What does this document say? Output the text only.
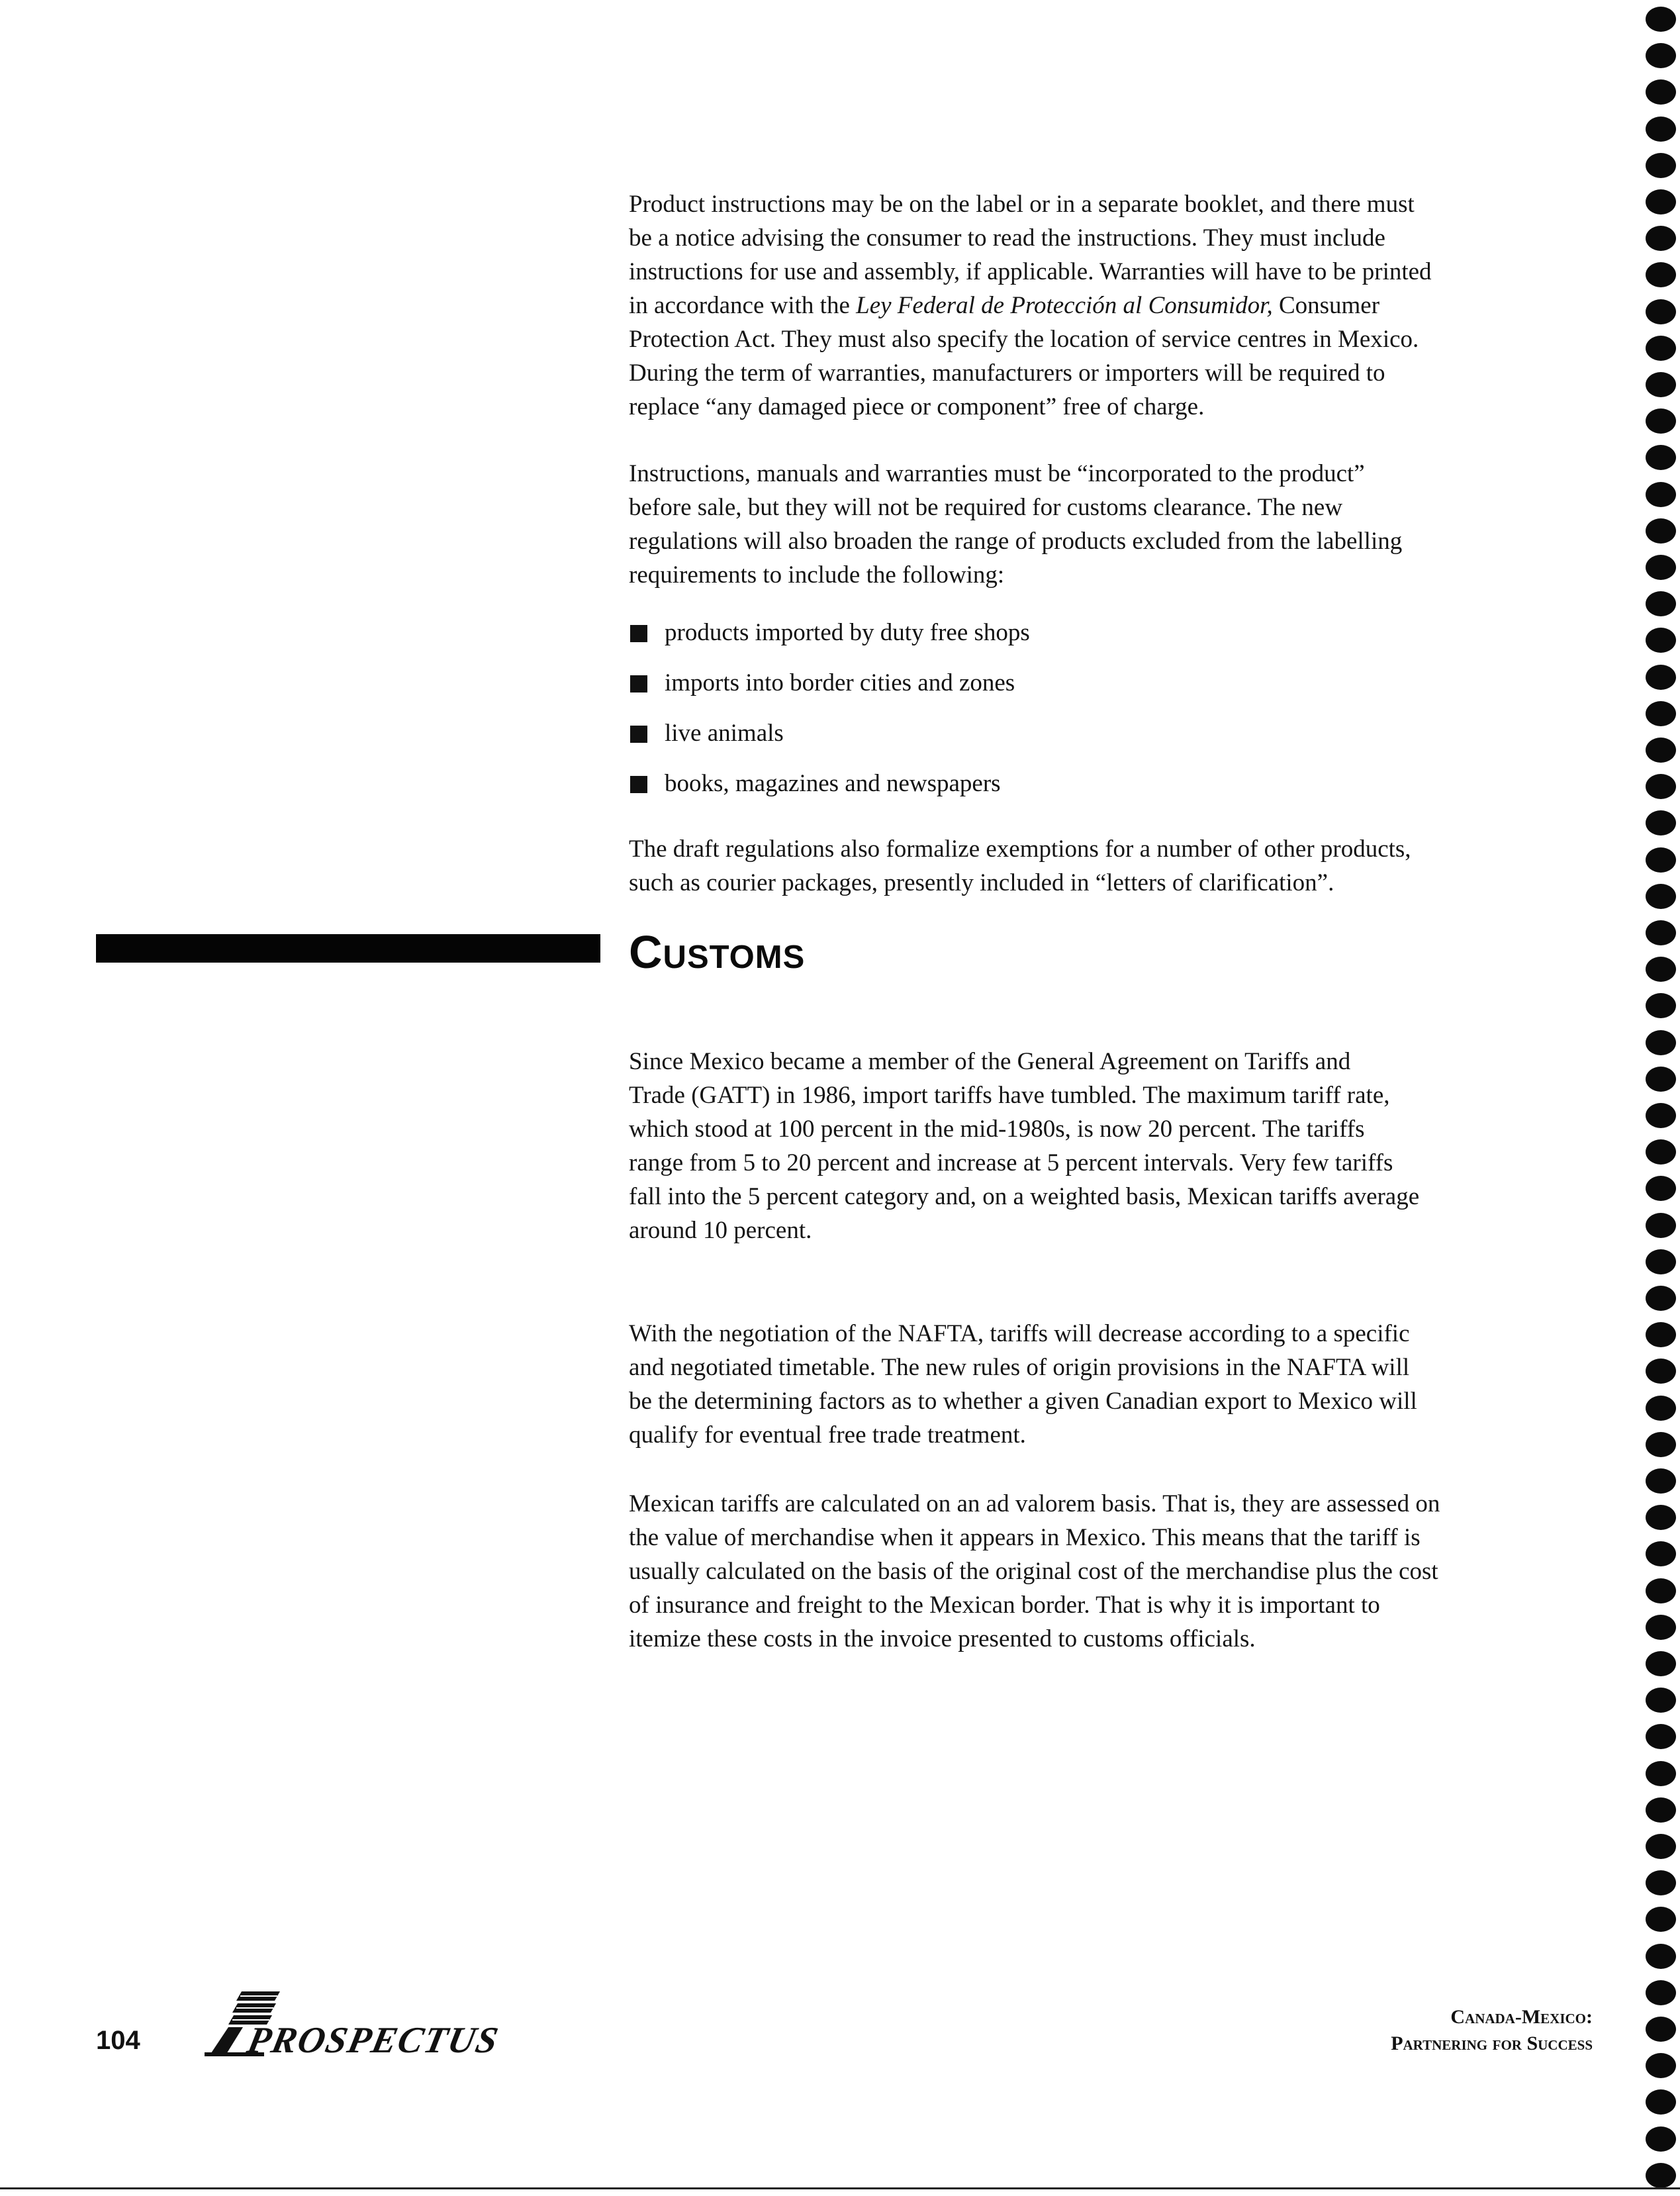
Product instructions may be on the label or in a separate booklet, and there must
be a notice advising the consumer to read the instructions. They must include
instructions for use and assembly, if applicable. Warranties will have to be printed
in accordance with the Ley Federal de Protección al Consumidor, Consumer
Protection Act. They must also specify the location of service centres in Mexico.
During the term of warranties, manufacturers or importers will be required to
replace “any damaged piece or component” free of charge.
Instructions, manuals and warranties must be “incorporated to the product”
before sale, but they will not be required for customs clearance. The new
regulations will also broaden the range of products excluded from the labelling
requirements to include the following:
products imported by duty free shops
imports into border cities and zones
live animals
books, magazines and newspapers
The draft regulations also formalize exemptions for a number of other products,
such as courier packages, presently included in “letters of clarification”.
Customs
Since Mexico became a member of the General Agreement on Tariffs and
Trade (GATT) in 1986, import tariffs have tumbled. The maximum tariff rate,
which stood at 100 percent in the mid-1980s, is now 20 percent. The tariffs
range from 5 to 20 percent and increase at 5 percent intervals. Very few tariffs
fall into the 5 percent category and, on a weighted basis, Mexican tariffs average
around 10 percent.
With the negotiation of the NAFTA, tariffs will decrease according to a specific
and negotiated timetable. The new rules of origin provisions in the NAFTA will
be the determining factors as to whether a given Canadian export to Mexico will
qualify for eventual free trade treatment.
Mexican tariffs are calculated on an ad valorem basis. That is, they are assessed on
the value of merchandise when it appears in Mexico. This means that the tariff is
usually calculated on the basis of the original cost of the merchandise plus the cost
of insurance and freight to the Mexican border. That is why it is important to
itemize these costs in the invoice presented to customs officials.
104	PROSPECTUS
Canada-Mexico:
Partnering for Success
